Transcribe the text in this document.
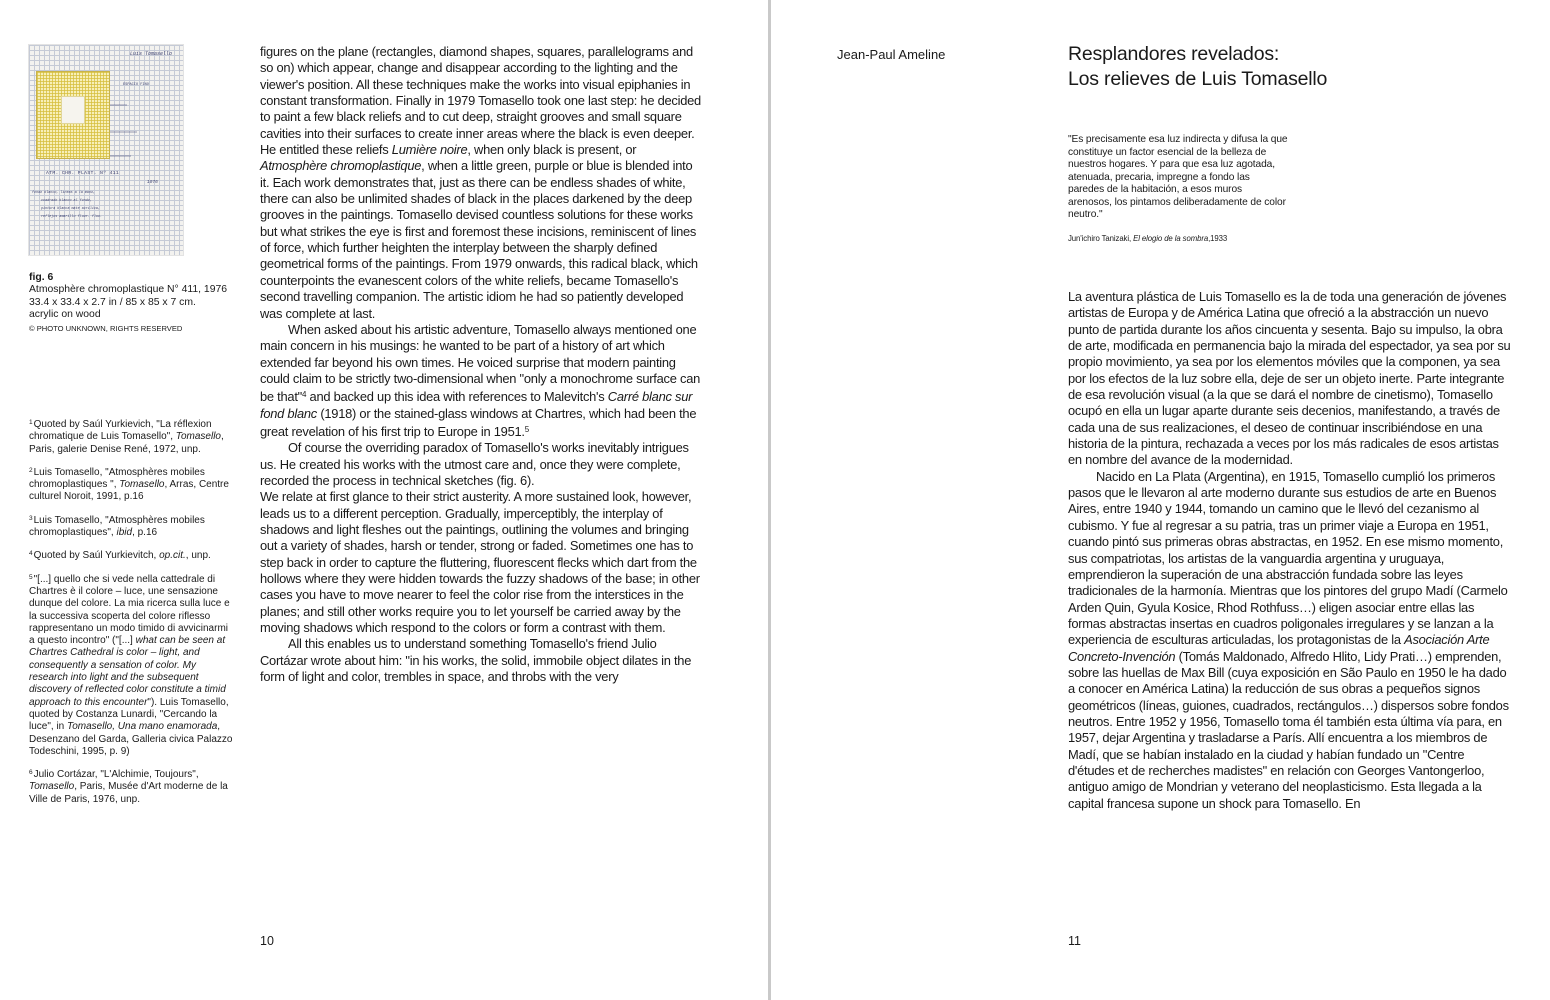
Luis Tomasello
ESPACIO FINO
ATM. CHR. PLAST. Nº 411
1976
fondo blanco, líneas a la mano,
cuadrado blanco al fondo,
pintura blanca mate acrílica,
reflejos amarillo fluor. fluo.
fig. 6
Atmosphère chromoplastique N° 411, 1976
33.4 x 33.4 x 2.7 in / 85 x 85 x 7 cm.
acrylic on wood
© PHOTO UNKNOWN, RIGHTS RESERVED

$^1$Quoted by Saúl Yurkievich, "La réflexion chromatique de Luis Tomasello", Tomasello, Paris, galerie Denise René, 1972, unp.

$^2$Luis Tomasello, "Atmosphères mobiles chromoplastiques ", Tomasello, Arras, Centre culturel Noroit, 1991, p.16

$^3$Luis Tomasello, "Atmosphères mobiles chromoplastiques", ibid, p.16

$^4$Quoted by Saúl Yurkievitch, op.cit., unp.

$^5$"[...] quello che si vede nella cattedrale di Chartres è il colore – luce, une sensazione dunque del colore. La mia ricerca sulla luce e la successiva scoperta del colore riflesso rappresentano un modo timido di avvicinarmi a questo incontro" ("[...] what can be seen at Chartres Cathedral is color – light, and consequently a sensation of color. My research into light and the subsequent discovery of reflected color constitute a timid approach to this encounter"). Luis Tomasello, quoted by Costanza Lunardi, "Cercando la luce", in Tomasello, Una mano enamorada, Desenzano del Garda, Galleria civica Palazzo Todeschini, 1995, p. 9)

$^6$Julio Cortázar, "L'Alchimie, Toujours", Tomasello, Paris, Musée d'Art moderne de la Ville de Paris, 1976, unp.

figures on the plane (rectangles, diamond shapes, squares, parallelograms and so on) which appear, change and disappear according to the lighting and the viewer's position. All these techniques make the works into visual epiphanies in constant transformation. Finally in 1979 Tomasello took one last step: he decided to paint a few black reliefs and to cut deep, straight grooves and small square cavities into their surfaces to create inner areas where the black is even deeper. He entitled these reliefs Lumière noire, when only black is present, or Atmosphère chromoplastique, when a little green, purple or blue is blended into it. Each work demonstrates that, just as there can be endless shades of white, there can also be unlimited shades of black in the places darkened by the deep grooves in the paintings. Tomasello devised countless solutions for these works but what strikes the eye is first and foremost these incisions, reminiscent of lines of force, which further heighten the interplay between the sharply defined geometrical forms of the paintings. From 1979 onwards, this radical black, which counterpoints the evanescent colors of the white reliefs, became Tomasello's second travelling companion. The artistic idiom he had so patiently developed was complete at last.

When asked about his artistic adventure, Tomasello always mentioned one main concern in his musings: he wanted to be part of a history of art which extended far beyond his own times. He voiced surprise that modern painting could claim to be strictly two-dimensional when "only a monochrome surface can be that"$^4$ and backed up this idea with references to Malevitch's Carré blanc sur fond blanc (1918) or the stained-glass windows at Chartres, which had been the great revelation of his first trip to Europe in 1951.$^5$

Of course the overriding paradox of Tomasello's works inevitably intrigues us. He created his works with the utmost care and, once they were complete, recorded the process in technical sketches (fig. 6).

We relate at first glance to their strict austerity. A more sustained look, however, leads us to a different perception. Gradually, imperceptibly, the interplay of shadows and light fleshes out the paintings, outlining the volumes and bringing out a variety of shades, harsh or tender, strong or faded. Sometimes one has to step back in order to capture the fluttering, fluorescent flecks which dart from the hollows where they were hidden towards the fuzzy shadows of the base; in other cases you have to move nearer to feel the color rise from the interstices in the planes; and still other works require you to let yourself be carried away by the moving shadows which respond to the colors or form a contrast with them.

All this enables us to understand something Tomasello's friend Julio Cortázar wrote about him: "in his works, the solid, immobile object dilates in the form of light and color, trembles in space, and throbs with the very

10
Jean-Paul Ameline	Resplandores revelados:
Los relieves de Luis Tomasello

"Es precisamente esa luz indirecta y difusa la que constituye un factor esencial de la belleza de nuestros hogares. Y para que esa luz agotada, atenuada, precaria, impregne a fondo las paredes de la habitación, a esos muros arenosos, los pintamos deliberadamente de color neutro."

Jun'ichiro Tanizaki, El elogio de la sombra,1933

La aventura plástica de Luis Tomasello es la de toda una generación de jóvenes artistas de Europa y de América Latina que ofreció a la abstracción un nuevo punto de partida durante los años cincuenta y sesenta. Bajo su impulso, la obra de arte, modificada en permanencia bajo la mirada del espectador, ya sea por su propio movimiento, ya sea por los elementos móviles que la componen, ya sea por los efectos de la luz sobre ella, deje de ser un objeto inerte. Parte integrante de esa revolución visual (a la que se dará el nombre de cinetismo), Tomasello ocupó en ella un lugar aparte durante seis decenios, manifestando, a través de cada una de sus realizaciones, el deseo de continuar inscribiéndose en una historia de la pintura, rechazada a veces por los más radicales de esos artistas en nombre del avance de la modernidad.

Nacido en La Plata (Argentina), en 1915, Tomasello cumplió los primeros pasos que le llevaron al arte moderno durante sus estudios de arte en Buenos Aires, entre 1940 y 1944, tomando un camino que le llevó del cezanismo al cubismo. Y fue al regresar a su patria, tras un primer viaje a Europa en 1951, cuando pintó sus primeras obras abstractas, en 1952. En ese mismo momento, sus compatriotas, los artistas de la vanguardia argentina y uruguaya, emprendieron la superación de una abstracción fundada sobre las leyes tradicionales de la harmonía. Mientras que los pintores del grupo Madí (Carmelo Arden Quin, Gyula Kosice, Rhod Rothfuss…) eligen asociar entre ellas las formas abstractas insertas en cuadros poligonales irregulares y se lanzan a la experiencia de esculturas articuladas, los protagonistas de la Asociación Arte Concreto-Invención (Tomás Maldonado, Alfredo Hlito, Lidy Prati…) emprenden, sobre las huellas de Max Bill (cuya exposición en São Paulo en 1950 le ha dado a conocer en América Latina) la reducción de sus obras a pequeños signos geométricos (líneas, guiones, cuadrados, rectángulos…) dispersos sobre fondos neutros. Entre 1952 y 1956, Tomasello toma él también esta última vía para, en 1957, dejar Argentina y trasladarse a París. Allí encuentra a los miembros de Madí, que se habían instalado en la ciudad y habían fundado un "Centre d'études et de recherches madistes" en relación con Georges Vantongerloo, antiguo amigo de Mondrian y veterano del neoplasticismo. Esta llegada a la capital francesa supone un shock para Tomasello. En

11
